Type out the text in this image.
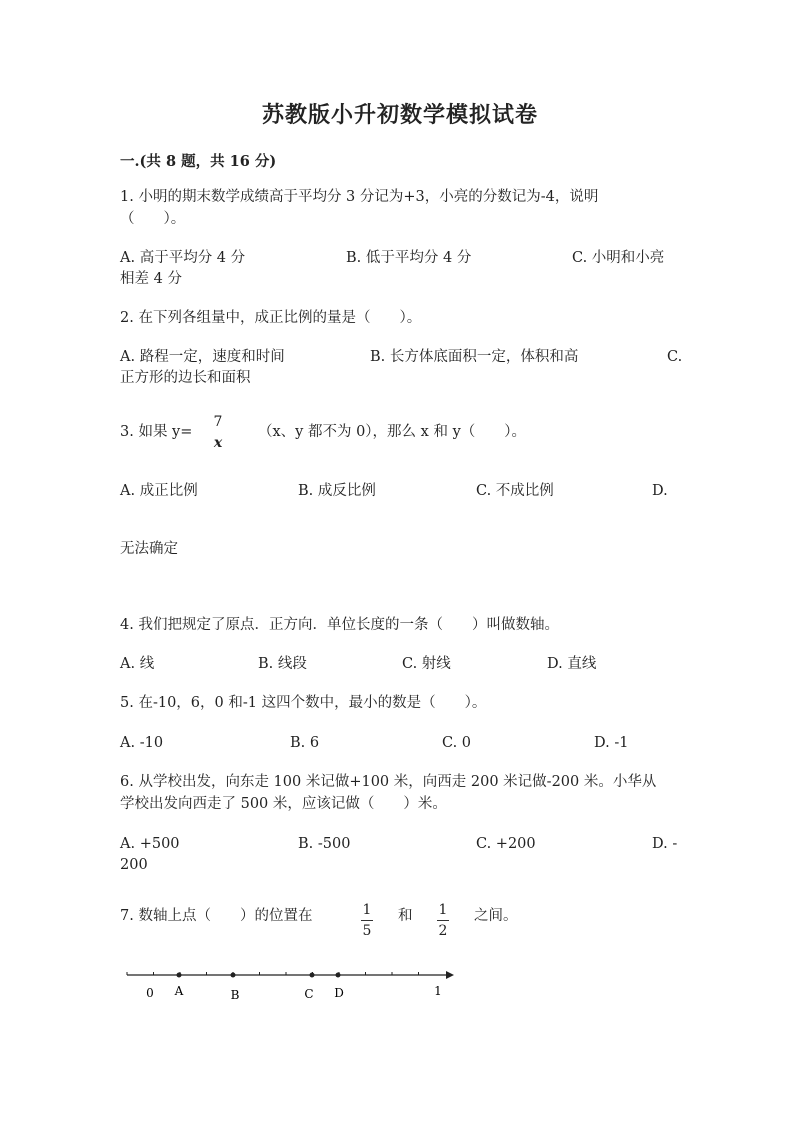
苏教版小升初数学模拟试卷
一.(共 8 题，共 16 分)
1. 小明的期末数学成绩高于平均分 3 分记为+3，小亮的分数记为-4，说明
（　　）。
A. 高于平均分 4 分	B. 低于平均分 4 分	C. 小明和小亮
相差 4 分
2. 在下列各组量中，成正比例的量是（　　）。
A. 路程一定，速度和时间	B. 长方体底面积一定，体积和高	C.
正方形的边长和面积
3. 如果 y=
7
x
（x、y 都不为 0），那么 x 和 y（　　）。
A. 成正比例	B. 成反比例	C. 不成比例	D.
无法确定
4. 我们把规定了原点．正方向．单位长度的一条（　　）叫做数轴。
A. 线	B. 线段	C. 射线	D. 直线
5. 在-10，6，0 和-1 这四个数中，最小的数是（　　）。
A. -10	B. 6	C. 0	D. -1
6. 从学校出发，向东走 100 米记做+100 米，向西走 200 米记做-200 米。小华从
学校出发向西走了 500 米，应该记做（　　）米。
A. +500	B. -500	C. +200	D. -
200
7. 数轴上点（　　）的位置在	1
5
和 1
2
之间。
0 A	B	C D	1
